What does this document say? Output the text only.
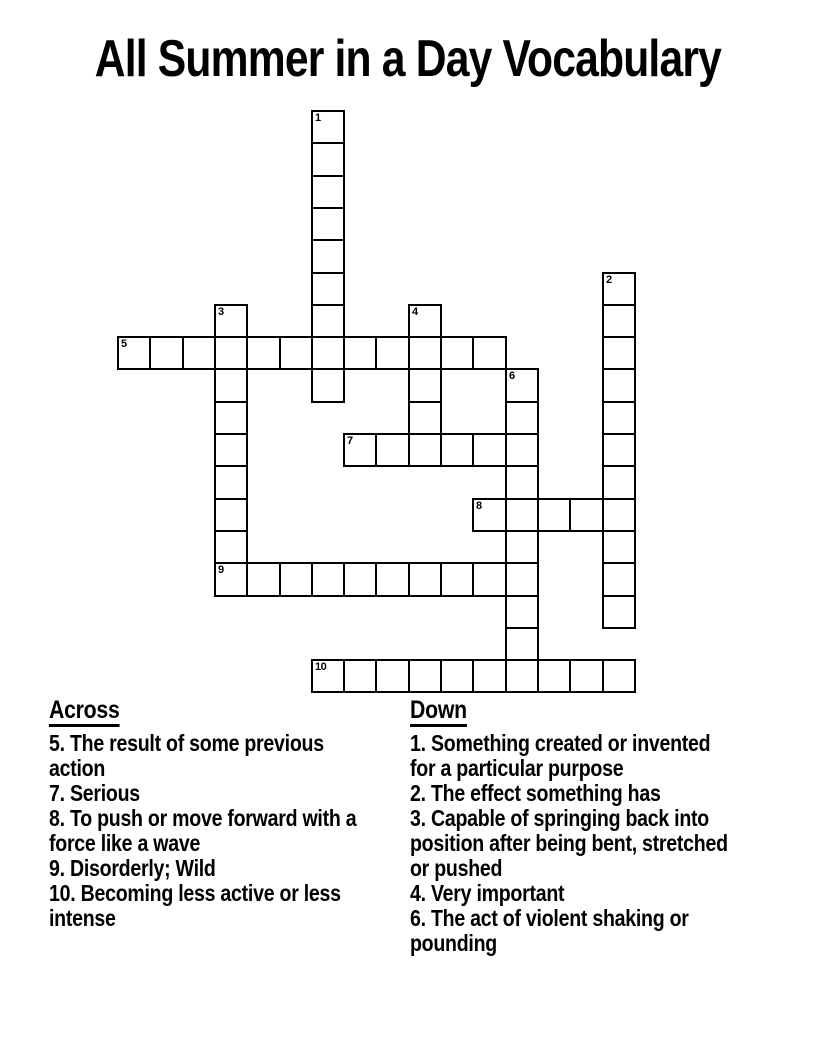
All Summer in a Day Vocabulary
5
7
8
9
10
1
2
3	4
6
Across
5. The result of some previous
action
7. Serious
8. To push or move forward with a
force like a wave
9. Disorderly; Wild
10. Becoming less active or less
intense
Down
1. Something created or invented
for a particular purpose
2. The effect something has
3. Capable of springing back into
position after being bent, stretched
or pushed
4. Very important
6. The act of violent shaking or
pounding
